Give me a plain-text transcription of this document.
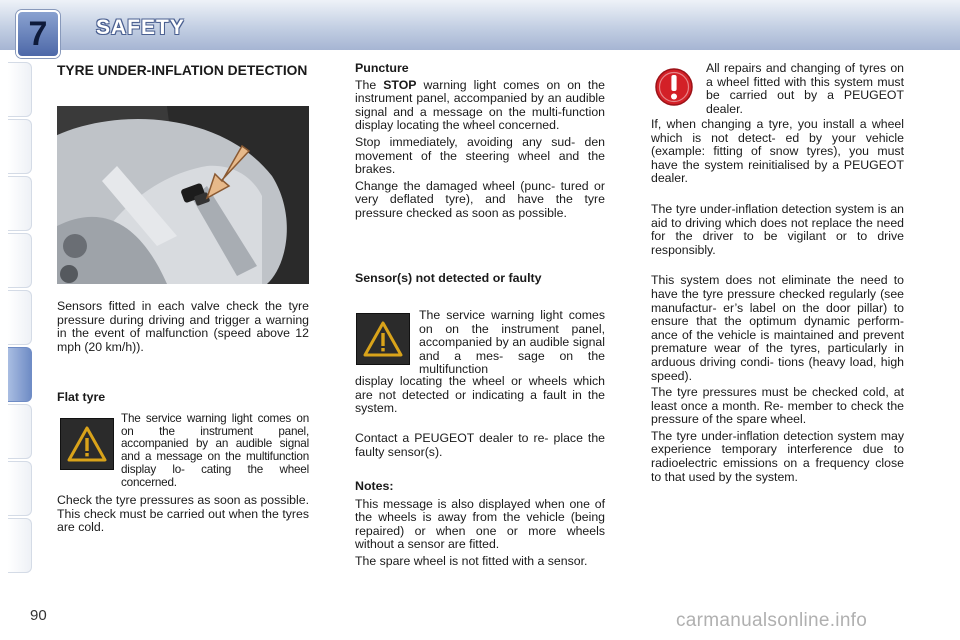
7 SAFETY
TYRE UNDER-INFLATION DETECTION

Sensors fitted in each valve check the tyre pressure during driving and trigger a warning in the event of malfunction (speed above 12 mph (20 km/h)).

Flat tyre

The service warning light comes on on the instrument panel, accompanied by an audible signal and a message on the multifunction display lo- cating the wheel concerned.

Check the tyre pressures as soon as possible. This check must be carried out when the tyres are cold.

Puncture

The STOP warning light comes on on the instrument panel, accompanied by an audible signal and a message on the multi-function display locating the wheel concerned.

Stop immediately, avoiding any sud- den movement of the steering wheel and the brakes.

Change the damaged wheel (punc- tured or very deflated tyre), and have the tyre pressure checked as soon as possible.

Sensor(s) not detected or faulty

The service warning light comes on on the instrument panel, accompanied by an audible signal and a mes- sage on the multifunction

display locating the wheel or wheels which are not detected or indicating a fault in the system.

Contact a PEUGEOT dealer to re- place the faulty sensor(s).

Notes:

This message is also displayed when one of the wheels is away from the vehicle (being repaired) or when one or more wheels without a sensor are fitted.

The spare wheel is not fitted with a sensor.

All repairs and changing of tyres on a wheel fitted with this system must be carried out by a PEUGEOT dealer.

If, when changing a tyre, you install a wheel which is not detect- ed by your vehicle (example: fitting of snow tyres), you must have the system reinitialised by a PEUGEOT dealer.

The tyre under-inflation detection system is an aid to driving which does not replace the need for the driver to be vigilant or to drive responsibly.

This system does not eliminate the need to have the tyre pressure checked regularly (see manufactur- er’s label on the door pillar) to ensure that the optimum dynamic perform- ance of the vehicle is maintained and prevent premature wear of the tyres, particularly in arduous driving condi- tions (heavy load, high speed).

The tyre pressures must be checked cold, at least once a month. Re- member to check the pressure of the spare wheel.

The tyre under-inflation detection system may experience temporary interference due to radioelectric emissions on a frequency close to that used by the system.

90	carmanualsonline.info
